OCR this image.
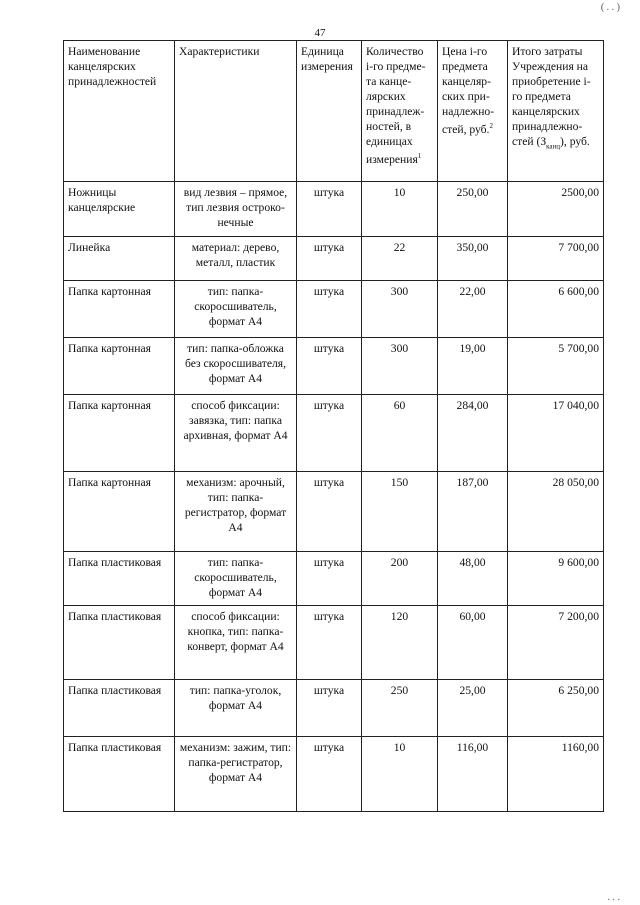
( . . )
47
Наименование канцелярских принадлежностей	Характеристики	Единица измерения	Количество i-го предме-та канце-лярских принадлеж-ностей, в единицах измерения$^1$	Цена i-го предмета канцеляр-ских при-надлежно-стей, руб.$^2$	Итого затраты Учреждения на приобретение i-го предмета канцелярских принадлежно-стей $(З_{канц})$, руб.
Ножницы канцелярские	вид лезвия – прямое, тип лезвия остроко-нечные	штука	10	250,00	2500,00
Линейка	материал: дерево, металл, пластик	штука	22	350,00	7 700,00
Папка картонная	тип: папка-скоросшиватель, формат А4	штука	300	22,00	6 600,00
Папка картонная	тип: папка-обложка без скоросшивателя, формат А4	штука	300	19,00	5 700,00
Папка картонная	способ фиксации: завязка, тип: папка архивная, формат А4	штука	60	284,00	17 040,00
Папка картонная	механизм: арочный, тип: папка-регистратор, формат А4	штука	150	187,00	28 050,00
Папка пластиковая	тип: папка-скоросшиватель, формат А4	штука	200	48,00	9 600,00
Папка пластиковая	способ фиксации: кнопка, тип: папка-конверт, формат А4	штука	120	60,00	7 200,00
Папка пластиковая	тип: папка-уголок, формат А4	штука	250	25,00	6 250,00
Папка пластиковая	механизм: зажим, тип: папка-регистратор, формат А4	штука	10	116,00	1160,00
. . .
